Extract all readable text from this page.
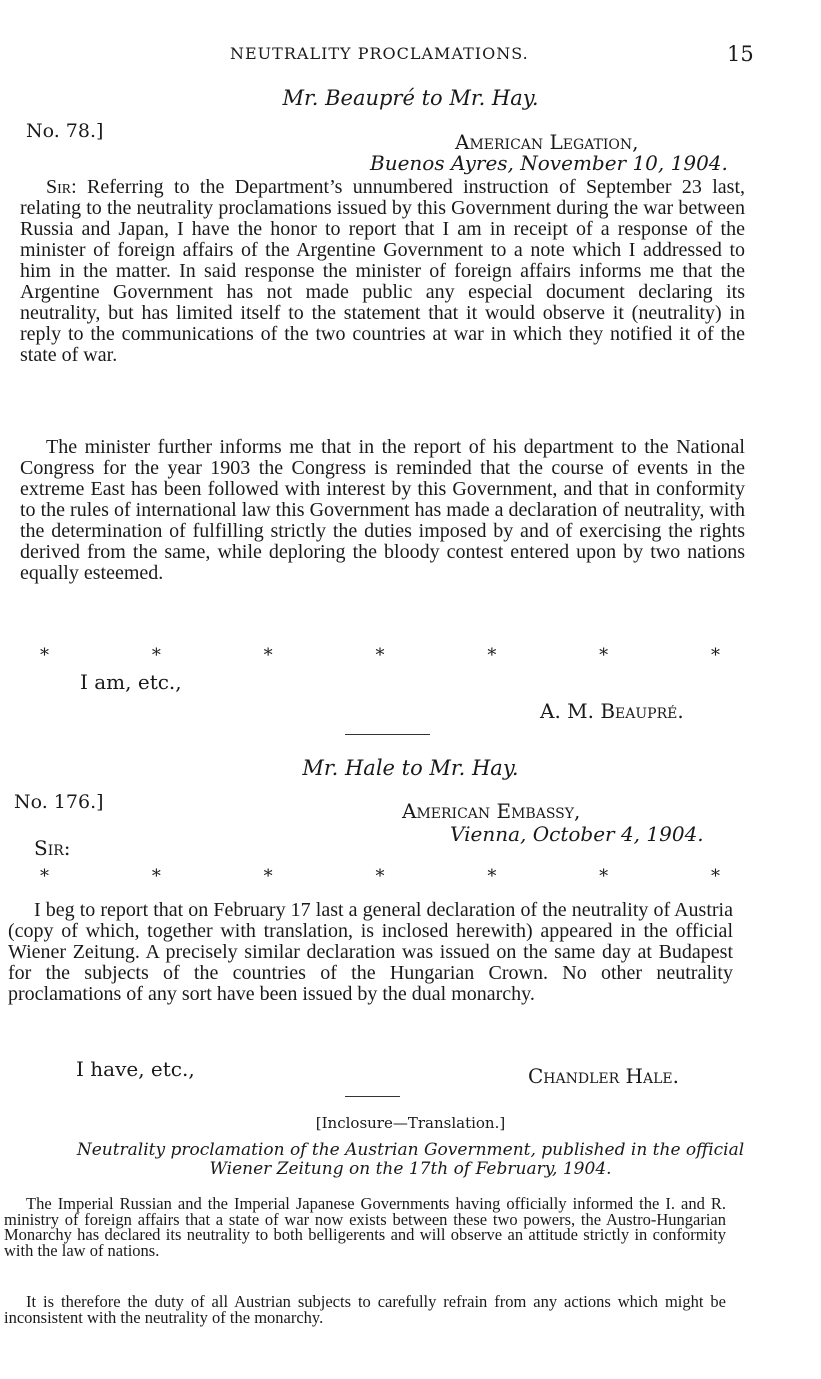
NEUTRALITY PROCLAMATIONS.	15
Mr. Beaupré to Mr. Hay.
No. 78.]	American Legation,
Buenos Ayres, November 10, 1904.
Sir: Referring to the Department’s unnumbered instruction of September 23 last, relating to the neutrality proclamations issued by this Government during the war between Russia and Japan, I have the honor to report that I am in receipt of a response of the minister of foreign affairs of the Argentine Government to a note which I addressed to him in the matter. In said response the minister of foreign affairs informs me that the Argentine Government has not made public any especial document declaring its neutrality, but has limited itself to the statement that it would observe it (neutrality) in reply to the communications of the two countries at war in which they notified it of the state of war.
The minister further informs me that in the report of his department to the National Congress for the year 1903 the Congress is reminded that the course of events in the extreme East has been followed with interest by this Government, and that in conformity to the rules of international law this Government has made a declaration of neutrality, with the determination of fulfilling strictly the duties imposed by and of exercising the rights derived from the same, while deploring the bloody contest entered upon by two nations equally esteemed.
*	*	*	*	*	*	*
I am, etc.,
A. M. Beaupré.
Mr. Hale to Mr. Hay.
No. 176.]	American Embassy,
Vienna, October 4, 1904.
Sir:
*	*	*	*	*	*	*
I beg to report that on February 17 last a general declaration of the neutrality of Austria (copy of which, together with translation, is inclosed herewith) appeared in the official Wiener Zeitung. A precisely similar declaration was issued on the same day at Budapest for the subjects of the countries of the Hungarian Crown. No other neutrality proclamations of any sort have been issued by the dual monarchy.
I have, etc.,	Chandler Hale.
[Inclosure—Translation.]
Neutrality proclamation of the Austrian Government, published in the official
Wiener Zeitung on the 17th of February, 1904.
The Imperial Russian and the Imperial Japanese Governments having officially informed the I. and R. ministry of foreign affairs that a state of war now exists between these two powers, the Austro-Hungarian Monarchy has declared its neutrality to both belligerents and will observe an attitude strictly in conformity with the law of nations.
It is therefore the duty of all Austrian subjects to carefully refrain from any actions which might be inconsistent with the neutrality of the monarchy.
